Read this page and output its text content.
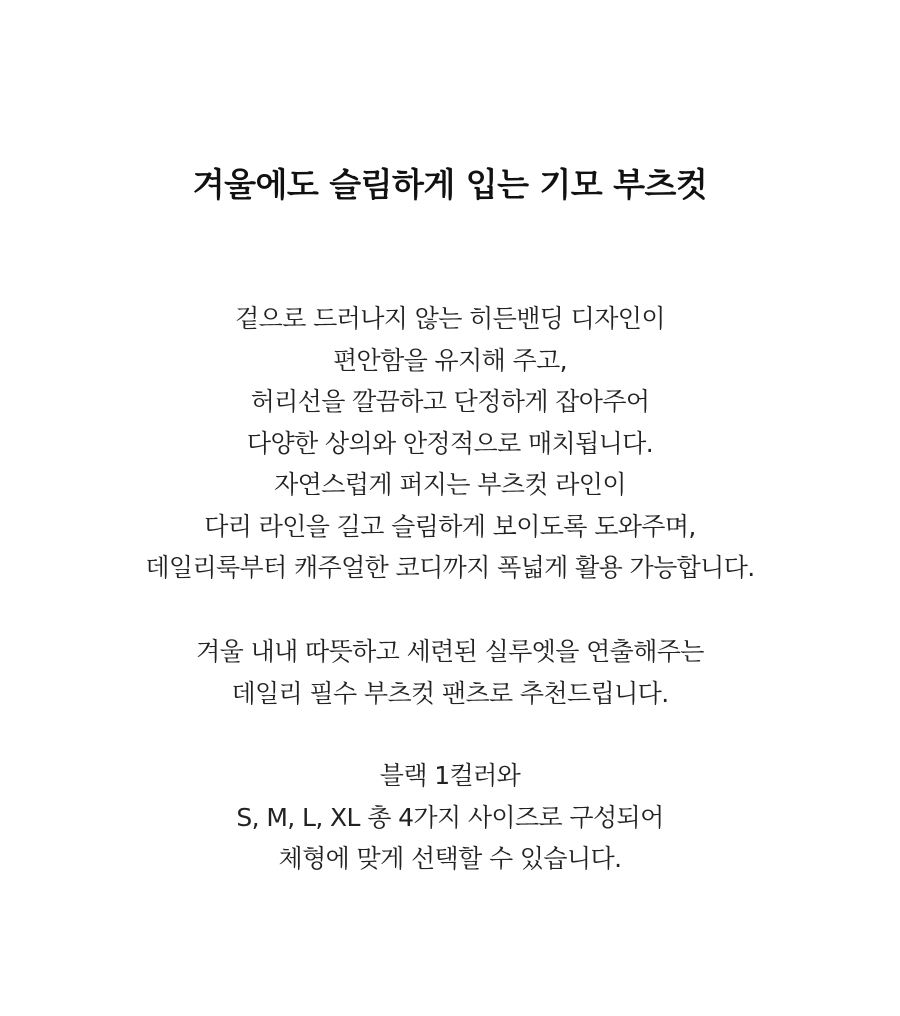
겨울에도 슬림하게 입는 기모 부츠컷
겉으로 드러나지 않는 히든밴딩 디자인이
편안함을 유지해 주고,
허리선을 깔끔하고 단정하게 잡아주어
다양한 상의와 안정적으로 매치됩니다.
자연스럽게 퍼지는 부츠컷 라인이
다리 라인을 길고 슬림하게 보이도록 도와주며,
데일리룩부터 캐주얼한 코디까지 폭넓게 활용 가능합니다.
겨울 내내 따뜻하고 세련된 실루엣을 연출해주는
데일리 필수 부츠컷 팬츠로 추천드립니다.
블랙 1컬러와
S, M, L, XL 총 4가지 사이즈로 구성되어
체형에 맞게 선택할 수 있습니다.
